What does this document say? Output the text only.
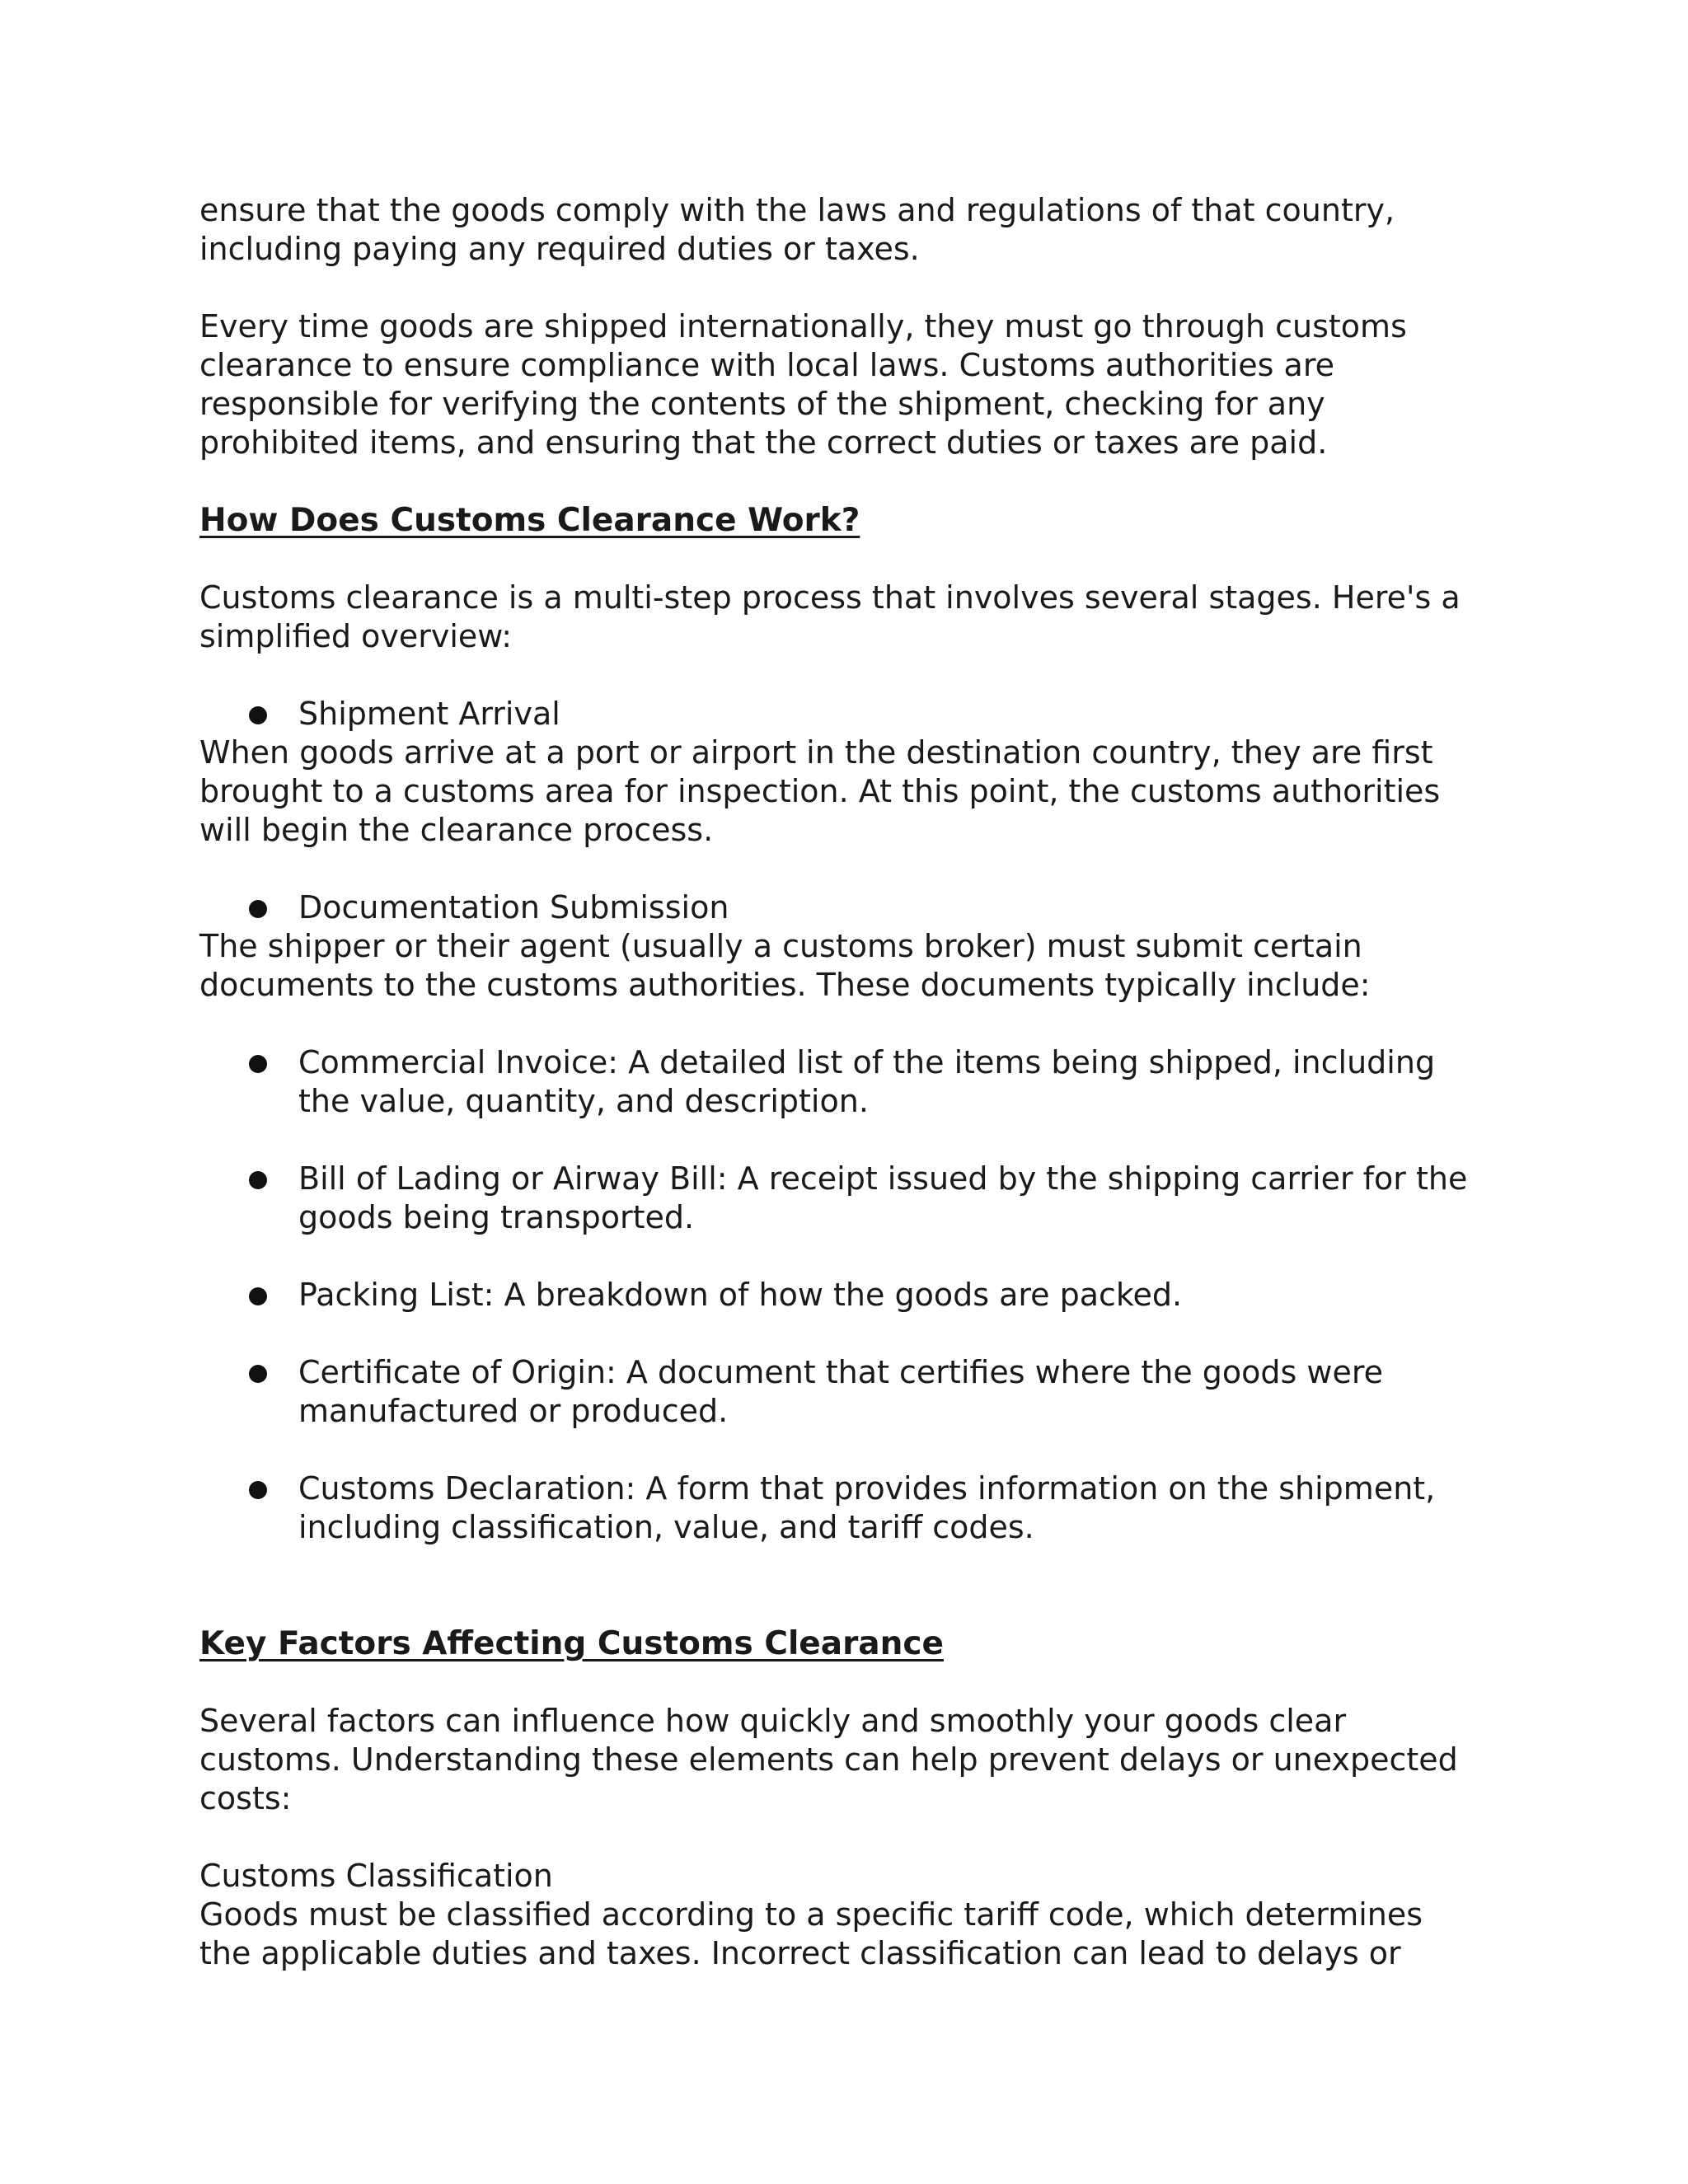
ensure that the goods comply with the laws and regulations of that country,
including paying any required duties or taxes.

Every time goods are shipped internationally, they must go through customs
clearance to ensure compliance with local laws. Customs authorities are
responsible for verifying the contents of the shipment, checking for any
prohibited items, and ensuring that the correct duties or taxes are paid.

How Does Customs Clearance Work?

Customs clearance is a multi-step process that involves several stages. Here's a
simplified overview:

Shipment Arrival

When goods arrive at a port or airport in the destination country, they are first
brought to a customs area for inspection. At this point, the customs authorities
will begin the clearance process.

Documentation Submission

The shipper or their agent (usually a customs broker) must submit certain
documents to the customs authorities. These documents typically include:

Commercial Invoice: A detailed list of the items being shipped, including
the value, quantity, and description.
Bill of Lading or Airway Bill: A receipt issued by the shipping carrier for the
goods being transported.
Packing List: A breakdown of how the goods are packed.
Certificate of Origin: A document that certifies where the goods were
manufactured or produced.
Customs Declaration: A form that provides information on the shipment,
including classification, value, and tariff codes.
Key Factors Affecting Customs Clearance

Several factors can influence how quickly and smoothly your goods clear
customs. Understanding these elements can help prevent delays or unexpected
costs:

Customs Classification

Goods must be classified according to a specific tariff code, which determines
the applicable duties and taxes. Incorrect classification can lead to delays or
